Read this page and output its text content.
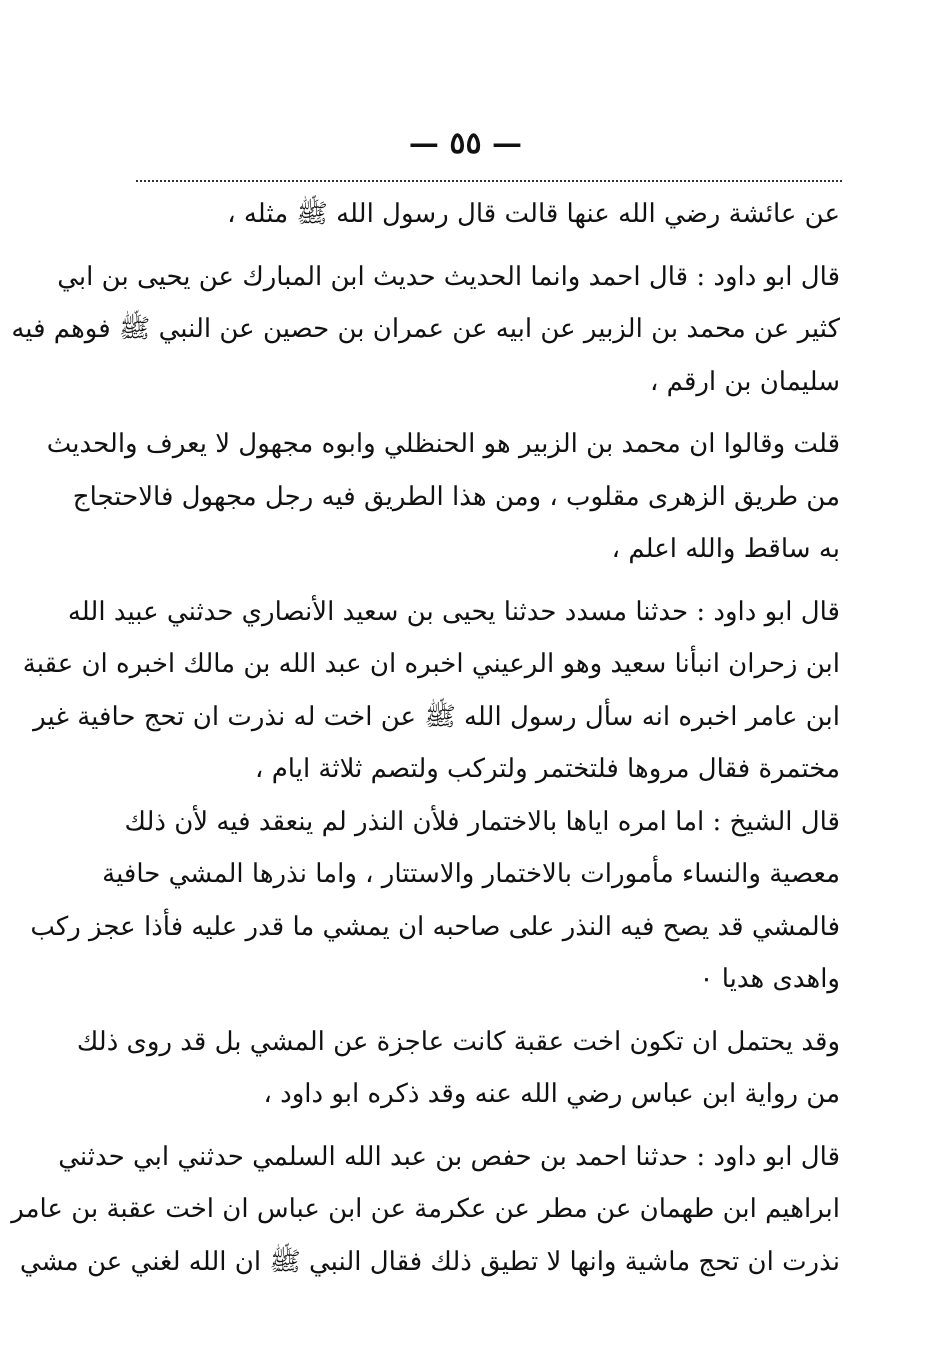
— ٥٥ —

عن عائشة رضي الله عنها قالت قال رسول الله ﷺ مثله ،

قال ابو داود : قال احمد وانما الحديث حديث ابن المبارك عن يحيى بن ابي
كثير عن محمد بن الزبير عن ابيه عن عمران بن حصين عن النبي ﷺ فوهم فيه
سليمان بن ارقم ،

قلت وقالوا ان محمد بن الزبير هو الحنظلي وابوه مجهول لا يعرف والحديث
من طريق الزهرى مقلوب ، ومن هذا الطريق فيه رجل مجهول فالاحتجاج
به ساقط والله اعلم ،

قال ابو داود : حدثنا مسدد حدثنا يحيى بن سعيد الأنصاري حدثني عبيد الله
ابن زحران انبأنا سعيد وهو الرعيني اخبره ان عبد الله بن مالك اخبره ان عقبة
ابن عامر اخبره انه سأل رسول الله ﷺ عن اخت له نذرت ان تحج حافية غير
مختمرة فقال مروها فلتختمر ولتركب ولتصم ثلاثة ايام ،

قال الشيخ : اما امره اياها بالاختمار فلأن النذر لم ينعقد فيه لأن ذلك
معصية والنساء مأمورات بالاختمار والاستتار ، واما نذرها المشي حافية
فالمشي قد يصح فيه النذر على صاحبه ان يمشي ما قدر عليه فأذا عجز ركب
واهدى هديا ٠

وقد يحتمل ان تكون اخت عقبة كانت عاجزة عن المشي بل قد روى ذلك
من رواية ابن عباس رضي الله عنه وقد ذكره ابو داود ،

قال ابو داود : حدثنا احمد بن حفص بن عبد الله السلمي حدثني ابي حدثني
ابراهيم ابن طهمان عن مطر عن عكرمة عن ابن عباس ان اخت عقبة بن عامر
نذرت ان تحج ماشية وانها لا تطيق ذلك فقال النبي ﷺ ان الله لغني عن مشي
